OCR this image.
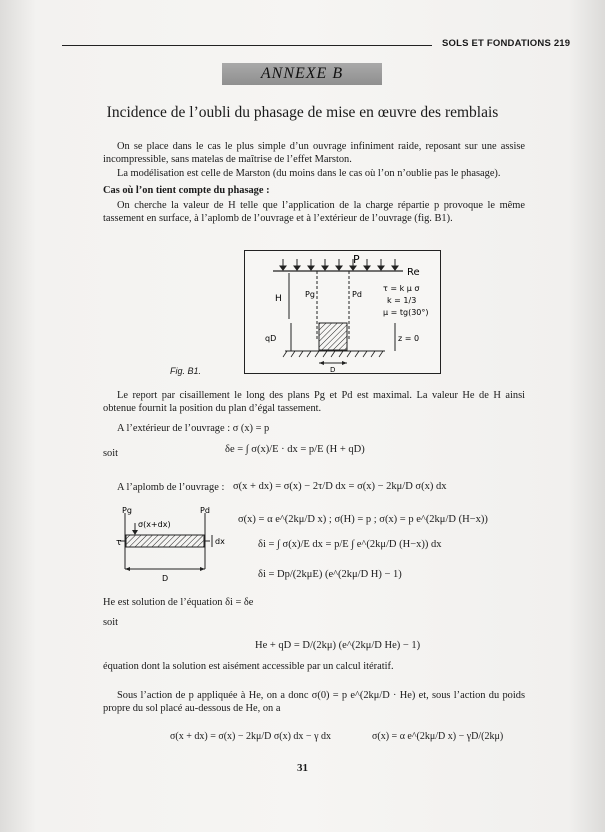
SOLS ET FONDATIONS 219
ANNEXE B
Incidence de l’oubli du phasage de mise en œuvre des remblais
On se place dans le cas le plus simple d’un ouvrage infiniment raide, reposant sur une assise incompressible, sans matelas de maîtrise de l’effet Marston.
La modélisation est celle de Marston (du moins dans le cas où l’on n’oublie pas le phasage).
Cas où l’on tient compte du phasage :
On cherche la valeur de H telle que l’application de la charge répartie p provoque le même tassement en surface, à l’aplomb de l’ouvrage et à l’extérieur de l’ouvrage (fig. B1).
P
Re
H	Pg	Pd
qD	z = 0
D
τ = k μ σ
k = 1/3
μ = tg(30°)
Fig. B1.
Le report par cisaillement le long des plans Pg et Pd est maximal. La valeur He de H ainsi obtenue fournit la position du plan d’égal tassement.
A l’extérieur de l’ouvrage : σ (x) = p
soit	δe = ∫ σ(x)/E · dx = p/E (H + qD)
A l’aplomb de l’ouvrage : σ(x + dx) = σ(x) − 2τ/D dx = σ(x) − 2kμ/D σ(x) dx
Pg	Pd
σ(x+dx)
τ	dx
D
σ(x) = α e^(2kμ/D x) ; σ(H) = p ; σ(x) = p e^(2kμ/D (H−x))
δi = ∫ σ(x)/E dx = p/E ∫ e^(2kμ/D (H−x)) dx
δi = Dp/(2kμE) (e^(2kμ/D H) − 1)
He est solution de l’équation δi = δe
soit
He + qD = D/(2kμ) (e^(2kμ/D He) − 1)
équation dont la solution est aisément accessible par un calcul itératif.
Sous l’action de p appliquée à He, on a donc σ(0) = p e^(2kμ/D · He) et, sous l’action du poids propre du sol placé au-dessous de He, on a
σ(x + dx) = σ(x) − 2kμ/D σ(x) dx − γ dx	σ(x) = α e^(2kμ/D x) − γD/(2kμ)
31
